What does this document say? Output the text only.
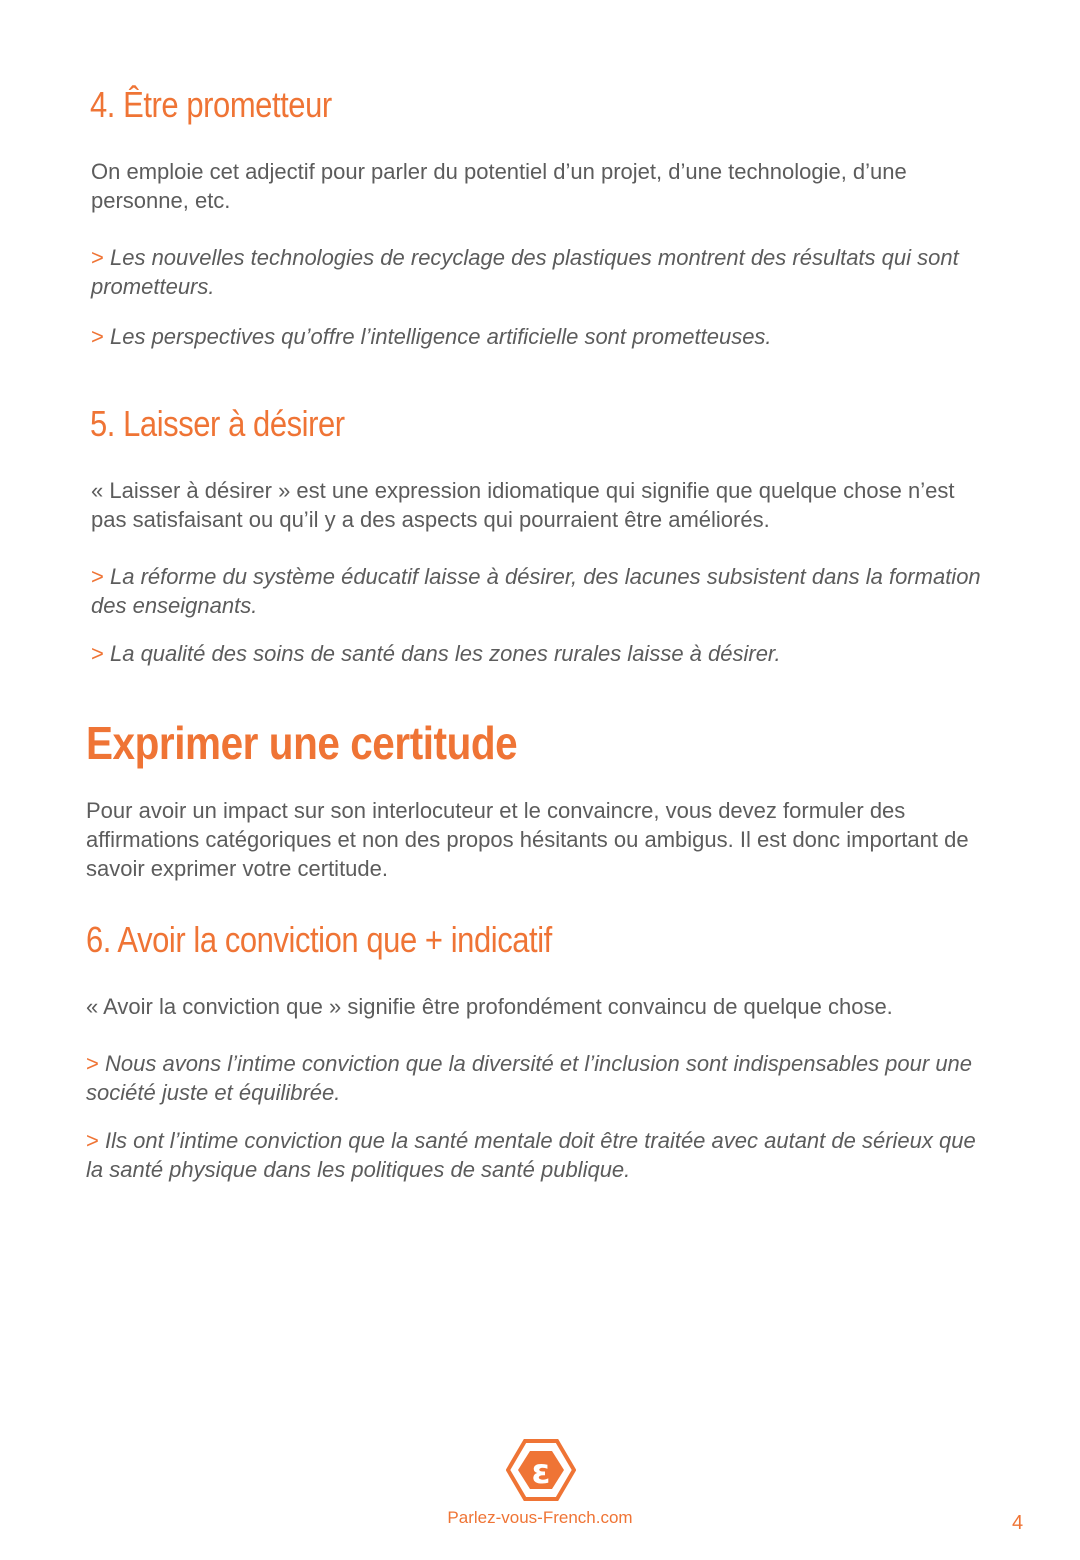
4. Être prometteur

On emploie cet adjectif pour parler du potentiel d’un projet, d’une technologie, d’une personne, etc.

> Les nouvelles technologies de recyclage des plastiques montrent des résultats qui sont prometteurs.

> Les perspectives qu’offre l’intelligence artificielle sont prometteuses.

5. Laisser à désirer

« Laisser à désirer » est une expression idiomatique qui signifie que quelque chose n’est pas satisfaisant ou qu’il y a des aspects qui pourraient être améliorés.

> La réforme du système éducatif laisse à désirer, des lacunes subsistent dans la formation des enseignants.

> La qualité des soins de santé dans les zones rurales laisse à désirer.

Exprimer une certitude

Pour avoir un impact sur son interlocuteur et le convaincre, vous devez formuler des affirmations catégoriques et non des propos hésitants ou ambigus. Il est donc important de savoir exprimer votre certitude.

6. Avoir la conviction que + indicatif

« Avoir la conviction que » signifie être profondément convaincu de quelque chose.

> Nous avons l’intime conviction que la diversité et l’inclusion sont indispensables pour une société juste et équilibrée.

> Ils ont l’intime conviction que la santé mentale doit être traitée avec autant de sérieux que la santé physique dans les politiques de santé publique.

ε
Parlez-vous-French.com	4
